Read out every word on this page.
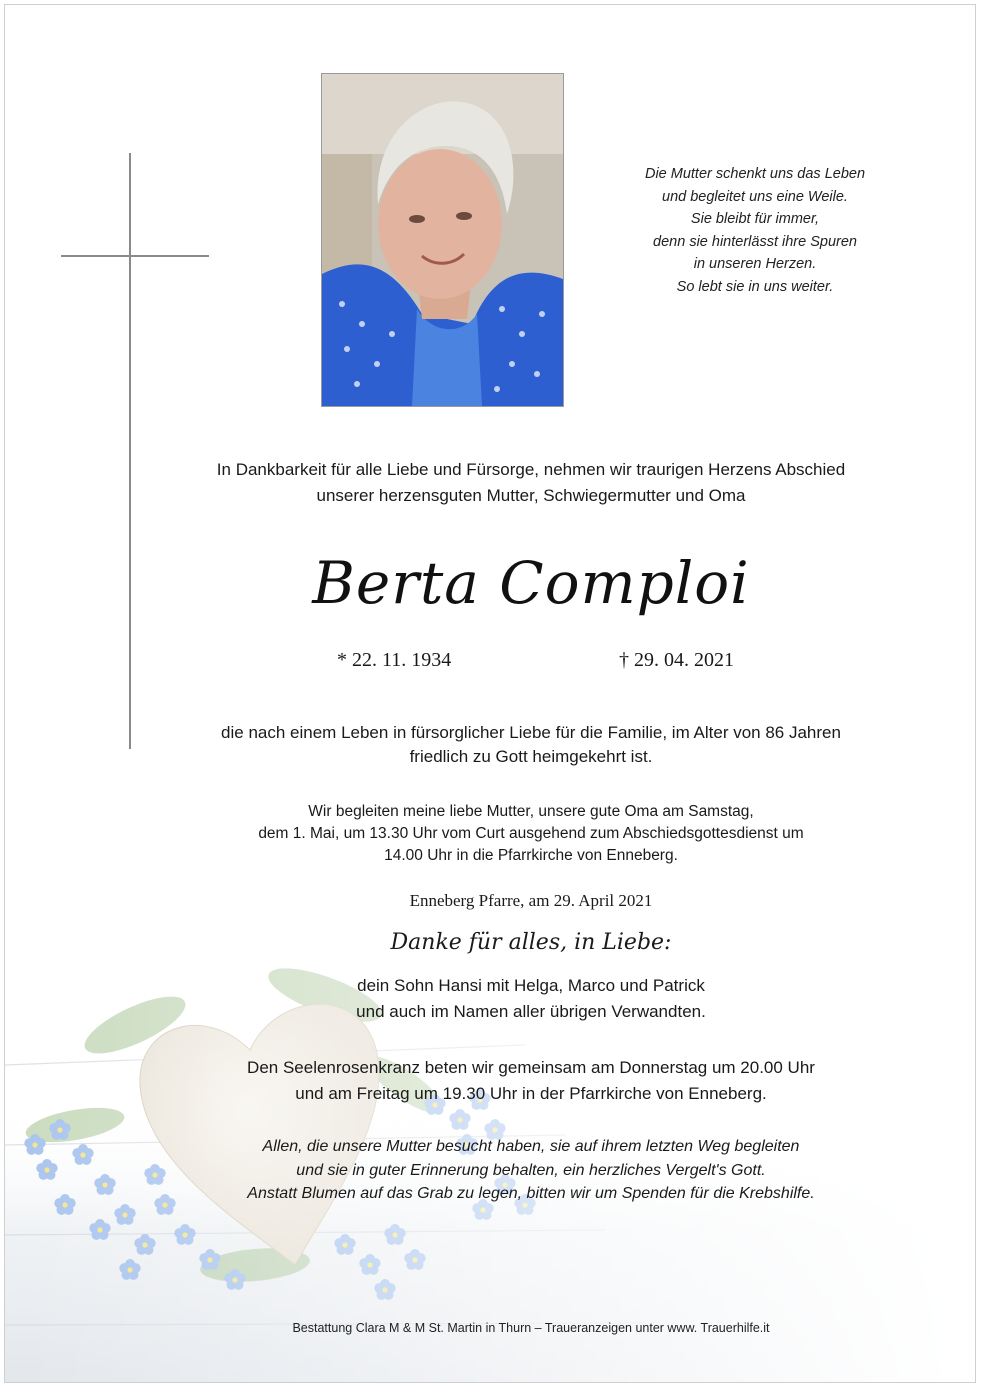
Die Mutter schenkt uns das Leben
und begleitet uns eine Weile.
Sie bleibt für immer,
denn sie hinterlässt ihre Spuren
in unseren Herzen.
So lebt sie in uns weiter.
In Dankbarkeit für alle Liebe und Fürsorge, nehmen wir traurigen Herzens Abschied
unserer herzensguten Mutter, Schwiegermutter und Oma
Berta Comploi
* 22. 11. 1934	† 29. 04. 2021
die nach einem Leben in fürsorglicher Liebe für die Familie, im Alter von 86 Jahren
friedlich zu Gott heimgekehrt ist.
Wir begleiten meine liebe Mutter, unsere gute Oma am Samstag,
dem 1. Mai, um 13.30 Uhr vom Curt ausgehend zum Abschiedsgottesdienst um
14.00 Uhr in die Pfarrkirche von Enneberg.
Enneberg Pfarre, am 29. April 2021
Danke für alles, in Liebe:
dein Sohn Hansi mit Helga, Marco und Patrick
und auch im Namen aller übrigen Verwandten.
Den Seelenrosenkranz beten wir gemeinsam am Donnerstag um 20.00 Uhr
und am Freitag um 19.30 Uhr in der Pfarrkirche von Enneberg.
Allen, die unsere Mutter besucht haben, sie auf ihrem letzten Weg begleiten
und sie in guter Erinnerung behalten, ein herzliches Vergelt's Gott.
Anstatt Blumen auf das Grab zu legen, bitten wir um Spenden für die Krebshilfe.
Bestattung Clara M & M St. Martin in Thurn – Traueranzeigen unter www. Trauerhilfe.it
